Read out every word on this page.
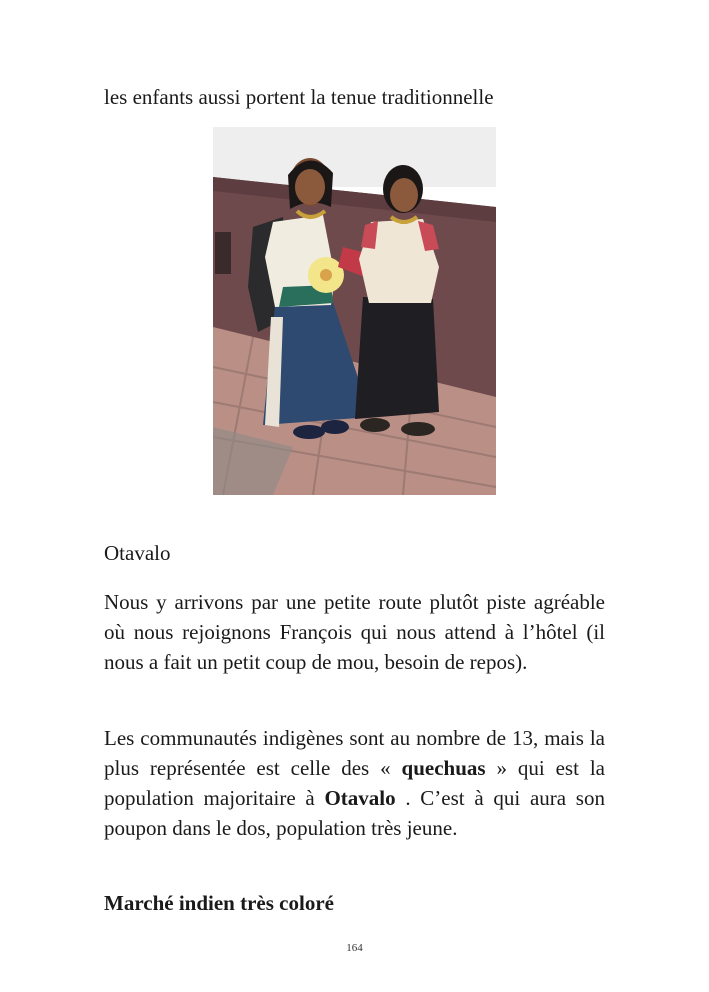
les enfants aussi portent la tenue traditionnelle
Otavalo

Nous y arrivons par une petite route plutôt piste agréable où nous rejoignons François qui nous attend à l’hôtel (il nous a fait un petit coup de mou, besoin de repos).

Les communautés indigènes sont au nombre de 13, mais la plus représentée est celle des « quechuas » qui est la population majoritaire à Otavalo . C’est à qui aura son poupon dans le dos, population très jeune.

Marché indien très coloré
164
